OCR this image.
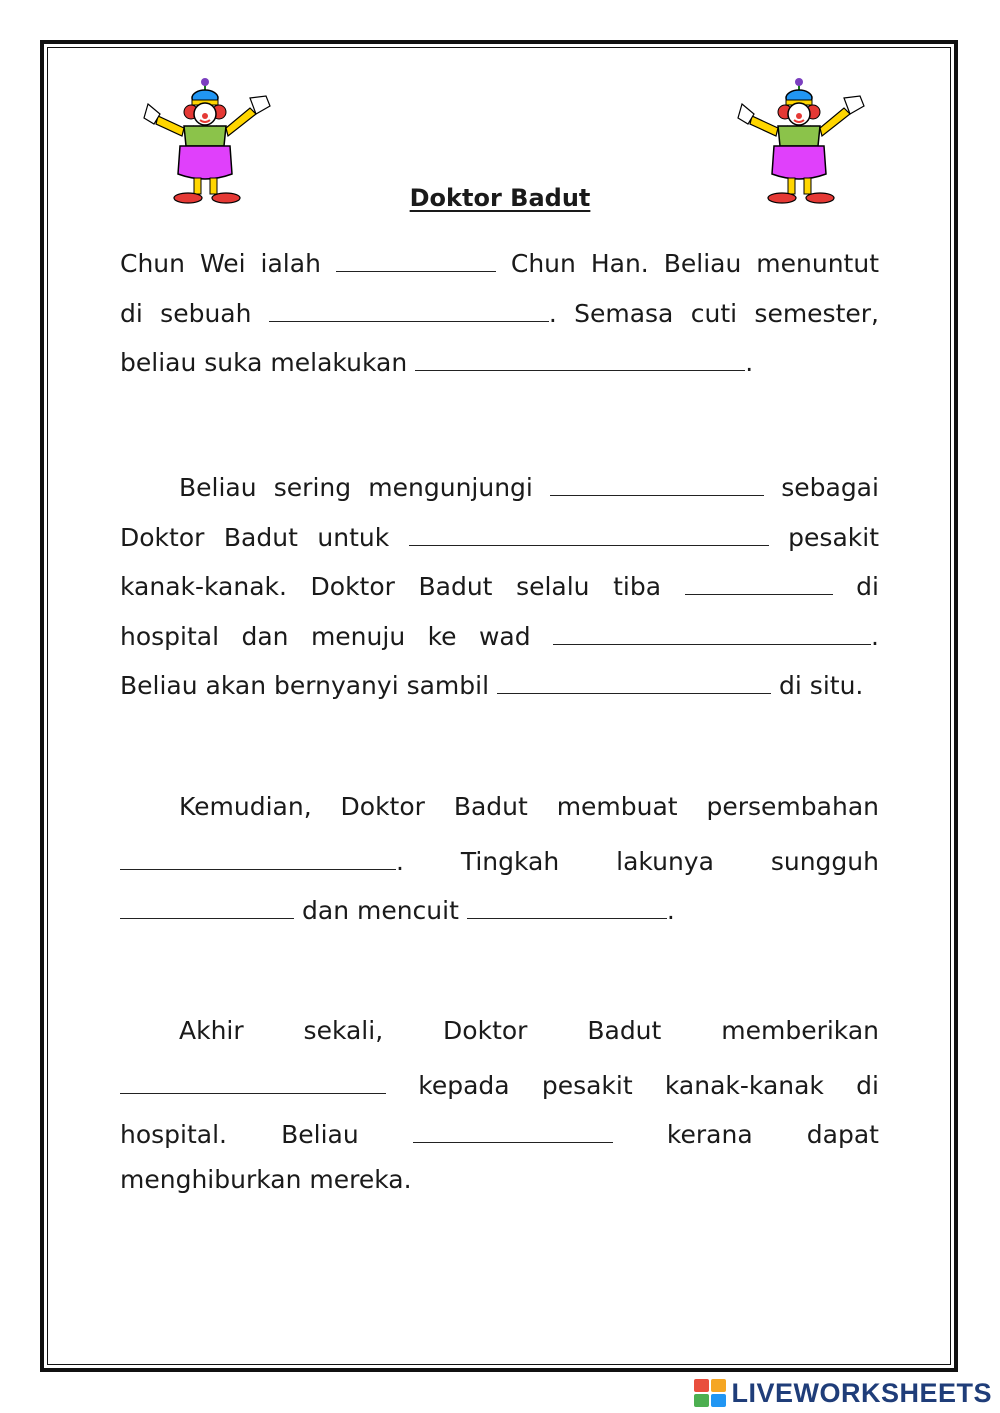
Doktor Badut
Chun Wei ialah	Chun Han. Beliau menuntut
di sebuah	. Semasa cuti semester,
beliau suka melakukan	.
Beliau sering mengunjungi	sebagai
Doktor Badut untuk	pesakit
kanak-kanak. Doktor Badut selalu tiba	di
hospital dan menuju ke wad	.
Beliau akan bernyanyi sambil	di situ.
Kemudian, Doktor Badut membuat persembahan
. Tingkah lakunya sungguh
dan mencuit	.
Akhir sekali, Doktor Badut memberikan
kepada pesakit kanak-kanak di
hospital. Beliau	kerana dapat
menghiburkan mereka.
LIVEWORKSHEETS
